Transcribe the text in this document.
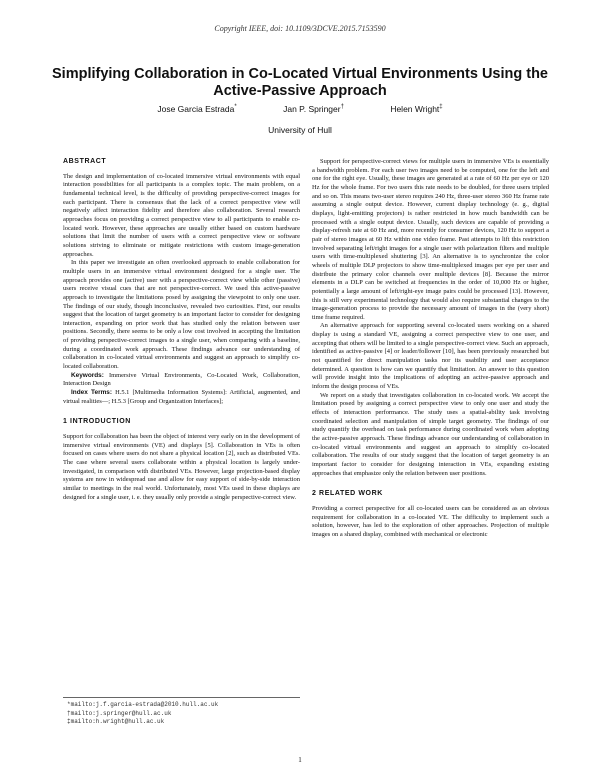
Copyright IEEE, doi: 10.1109/3DCVE.2015.7153590
Simplifying Collaboration in Co-Located Virtual Environments Using the Active-Passive Approach
Jose Garcia Estrada*	Jan P. Springer†	Helen Wright‡
University of Hull
ABSTRACT

The design and implementation of co-located immersive virtual environments with equal interaction possibilities for all participants is a complex topic. The main problem, on a fundamental technical level, is the difficulty of providing perspective-correct images for each participant. There is consensus that the lack of a correct perspective view will negatively affect interaction fidelity and therefore also collaboration. Several research approaches focus on providing a correct perspective view to all participants to enable co-located work. However, these approaches are usually either based on custom hardware solutions that limit the number of users with a correct perspective view or software solutions striving to eliminate or mitigate restrictions with custom image-generation approaches.

In this paper we investigate an often overlooked approach to enable collaboration for multiple users in an immersive virtual environment designed for a single user. The approach provides one (active) user with a perspective-correct view while other (passive) users receive visual cues that are not perspective-correct. We used this active-passive approach to investigate the limitations posed by assigning the viewpoint to only one user. The findings of our study, though inconclusive, revealed two curiosities. First, our results suggest that the location of target geometry is an important factor to consider for designing interaction, expanding on prior work that has studied only the relation between user positions. Secondly, there seems to be only a low cost involved in accepting the limitation of providing perspective-correct images to a single user, when comparing with a baseline, during a coordinated work approach. These findings advance our understanding of collaboration in co-located virtual environments and suggest an approach to simplify co-located collaboration.

Keywords: Immersive Virtual Environments, Co-Located Work, Collaboration, Interaction Design

Index Terms: H.5.1 [Multimedia Information Systems]: Artificial, augmented, and virtual realities—; H.5.3 [Group and Organization Interfaces];

1 INTRODUCTION

Support for collaboration has been the object of interest very early on in the development of immersive virtual environments (VE) and displays [5]. Collaboration in VEs is often focused on cases where users do not share a physical location [2], such as distributed VEs. The case where several users collaborate within a physical location is largely under-investigated, in comparison with distributed VEs. However, large projection-based display systems are now in widespread use and allow for easy support of side-by-side interaction similar to meetings in the real world. Unfortunately, most VEs used in these displays are designed for a single user, i. e. they usually only provide a single perspective-correct view.

Support for perspective-correct views for multiple users in immersive VEs is essentially a bandwidth problem. For each user two images need to be computed, one for the left and one for the right eye. Usually, these images are generated at a rate of 60 Hz per eye or 120 Hz for the whole frame. For two users this rate needs to be doubled, for three users tripled and so on. This means two-user stereo requires 240 Hz, three-user stereo 360 Hz frame rate assuming a single output device. However, current display technology (e. g., digital displays, light-emitting projectors) is rather restricted in how much bandwidth can be processed with a single output device. Usually, such devices are capable of providing a display-refresh rate at 60 Hz and, more recently for consumer devices, 120 Hz to support a pair of stereo images at 60 Hz within one video frame. Past attempts to lift this restriction involved separating left/right images for a single user with polarization filters and multiple users with time-multiplexed shuttering [3]. An alternative is to synchronize the color wheels of multiple DLP projectors to show time-multiplexed images per eye per user and distribute the primary color channels over multiple devices [8]. Because the mirror elements in a DLP can be switched at frequencies in the order of 10,000 Hz or higher, potentially a large amount of left/right-eye image pairs could be processed [13]. However, this is still very experimental technology that would also require substantial changes to the image-generation process to provide the necessary amount of images in the (very short) time frame required.

An alternative approach for supporting several co-located users working on a shared display is using a standard VE, assigning a correct perspective view to one user, and accepting that others will be limited to a single perspective-correct view. Such an approach, identified as active-passive [4] or leader/follower [10], has been previously researched but not quantified for direct manipulation tasks nor its usability and user acceptance determined. A question is how can we quantify that limitation. An answer to this question will provide insight into the implications of adopting an active-passive approach and inform the design process of VEs.

We report on a study that investigates collaboration in co-located work. We accept the limitation posed by assigning a correct perspective view to only one user and study the effects of interaction performance. The study uses a spatial-ability task involving coordinated selection and manipulation of simple target geometry. The findings of our study quantify the overhead on task performance during coordinated work when adopting the active-passive approach. These findings advance our understanding of collaboration in co-located virtual environments and suggest an approach to simplify co-located collaboration. The results of our study suggest that the location of target geometry is an important factor to consider for designing interaction in VEs, expanding existing approaches that emphasize only the relation between user positions.

2 RELATED WORK

Providing a correct perspective for all co-located users can be considered as an obvious requirement for collaboration in a co-located VE. The difficulty to implement such a solution, however, has led to the exploration of other approaches. Projection of multiple images on a shared display, combined with mechanical or electronic

*mailto:j.f.garcia-estrada@2010.hull.ac.uk
†mailto:j.springer@hull.ac.uk
‡mailto:h.wright@hull.ac.uk
1
